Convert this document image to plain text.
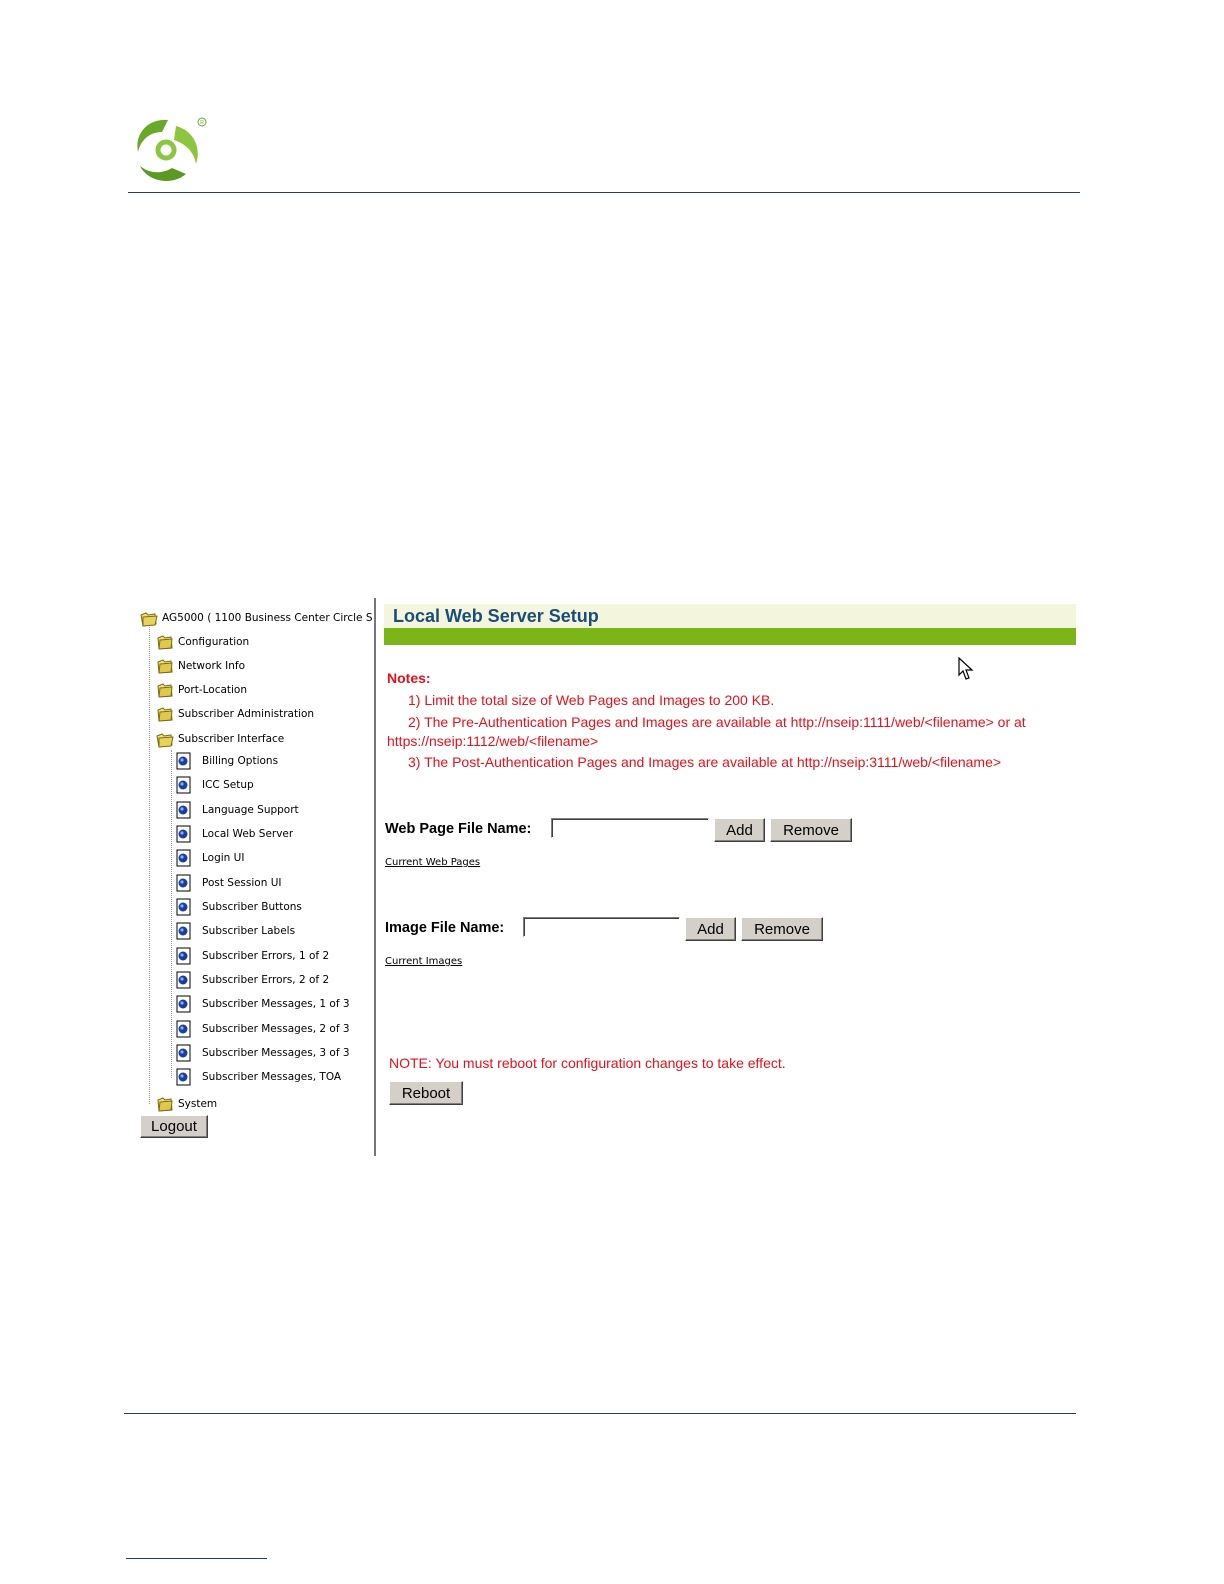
R
AG5000 ( 1100 Business Center Circle S
Configuration
Network Info
Port-Location
Subscriber Administration
Subscriber Interface
Billing Options
ICC Setup
Language Support
Local Web Server
Login UI
Post Session UI
Subscriber Buttons
Subscriber Labels
Subscriber Errors, 1 of 2
Subscriber Errors, 2 of 2
Subscriber Messages, 1 of 3
Subscriber Messages, 2 of 3
Subscriber Messages, 3 of 3
Subscriber Messages, TOA
System
Logout
Local Web Server Setup
Notes:
1) Limit the total size of Web Pages and Images to 200 KB.
2) The Pre-Authentication Pages and Images are available at http://nseip:1111/web/<filename> or at
https://nseip:1112/web/<filename>
3) The Post-Authentication Pages and Images are available at http://nseip:3111/web/<filename>
Web Page File Name:	Add	Remove
Current Web Pages
Image File Name:	Add	Remove
Current Images
NOTE: You must reboot for configuration changes to take effect.
Reboot
